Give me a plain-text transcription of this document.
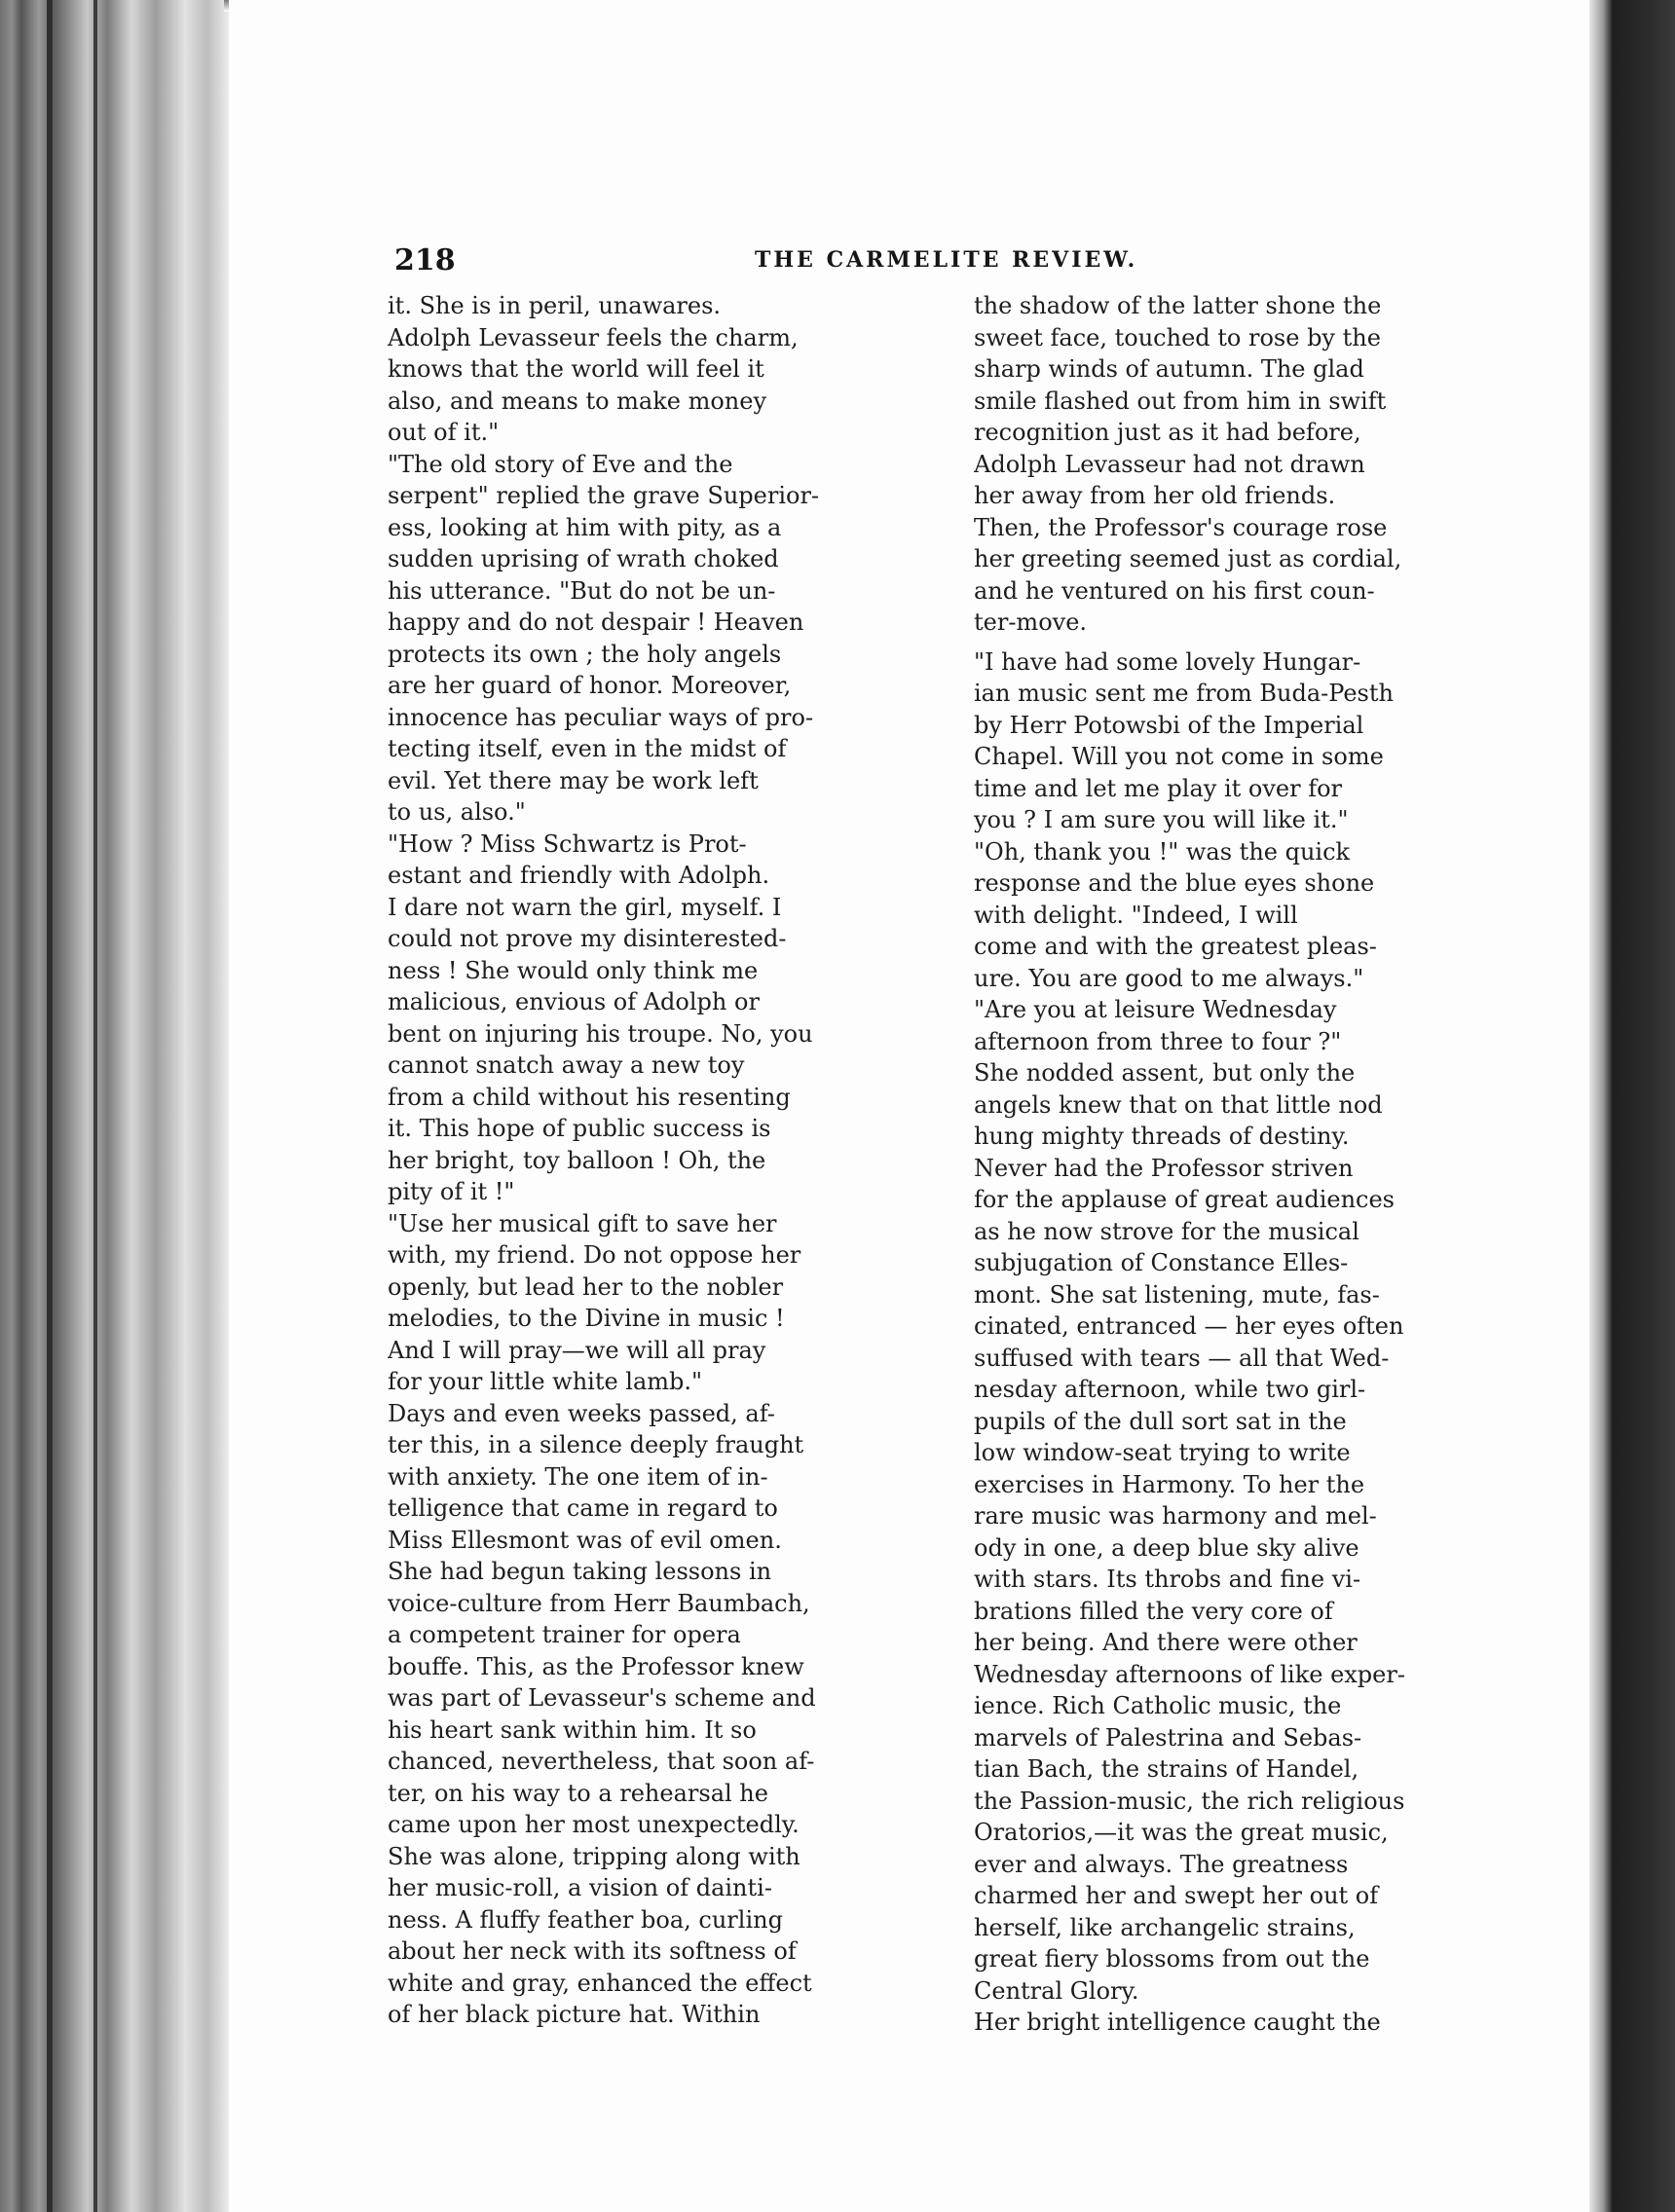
218	THE CARMELITE REVIEW.
it. She is in peril, unawares.
Adolph Levasseur feels the charm,
knows that the world will feel it
also, and means to make money
out of it."
"The old story of Eve and the
serpent" replied the grave Superior-
ess, looking at him with pity, as a
sudden uprising of wrath choked
his utterance. "But do not be un-
happy and do not despair ! Heaven
protects its own ; the holy angels
are her guard of honor. Moreover,
innocence has peculiar ways of pro-
tecting itself, even in the midst of
evil. Yet there may be work left
to us, also."
"How ? Miss Schwartz is Prot-
estant and friendly with Adolph.
I dare not warn the girl, myself. I
could not prove my disinterested-
ness ! She would only think me
malicious, envious of Adolph or
bent on injuring his troupe. No, you
cannot snatch away a new toy
from a child without his resenting
it. This hope of public success is
her bright, toy balloon ! Oh, the
pity of it !"
"Use her musical gift to save her
with, my friend. Do not oppose her
openly, but lead her to the nobler
melodies, to the Divine in music !
And I will pray—we will all pray
for your little white lamb."
Days and even weeks passed, af-
ter this, in a silence deeply fraught
with anxiety. The one item of in-
telligence that came in regard to
Miss Ellesmont was of evil omen.
She had begun taking lessons in
voice-culture from Herr Baumbach,
a competent trainer for opera
bouffe. This, as the Professor knew
was part of Levasseur's scheme and
his heart sank within him. It so
chanced, nevertheless, that soon af-
ter, on his way to a rehearsal he
came upon her most unexpectedly.
She was alone, tripping along with
her music-roll, a vision of dainti-
ness. A fluffy feather boa, curling
about her neck with its softness of
white and gray, enhanced the effect
of her black picture hat. Within
the shadow of the latter shone the
sweet face, touched to rose by the
sharp winds of autumn. The glad
smile flashed out from him in swift
recognition just as it had before,
Adolph Levasseur had not drawn
her away from her old friends.
Then, the Professor's courage rose
her greeting seemed just as cordial,
and he ventured on his first coun-
ter-move.
"I have had some lovely Hungar-
ian music sent me from Buda-Pesth
by Herr Potowsbi of the Imperial
Chapel. Will you not come in some
time and let me play it over for
you ? I am sure you will like it."
"Oh, thank you !" was the quick
response and the blue eyes shone
with delight. "Indeed, I will
come and with the greatest pleas-
ure. You are good to me always."
"Are you at leisure Wednesday
afternoon from three to four ?"
She nodded assent, but only the
angels knew that on that little nod
hung mighty threads of destiny.
Never had the Professor striven
for the applause of great audiences
as he now strove for the musical
subjugation of Constance Elles-
mont. She sat listening, mute, fas-
cinated, entranced — her eyes often
suffused with tears — all that Wed-
nesday afternoon, while two girl-
pupils of the dull sort sat in the
low window-seat trying to write
exercises in Harmony. To her the
rare music was harmony and mel-
ody in one, a deep blue sky alive
with stars. Its throbs and fine vi-
brations filled the very core of
her being. And there were other
Wednesday afternoons of like exper-
ience. Rich Catholic music, the
marvels of Palestrina and Sebas-
tian Bach, the strains of Handel,
the Passion-music, the rich religious
Oratorios,—it was the great music,
ever and always. The greatness
charmed her and swept her out of
herself, like archangelic strains,
great fiery blossoms from out the
Central Glory.
Her bright intelligence caught the
